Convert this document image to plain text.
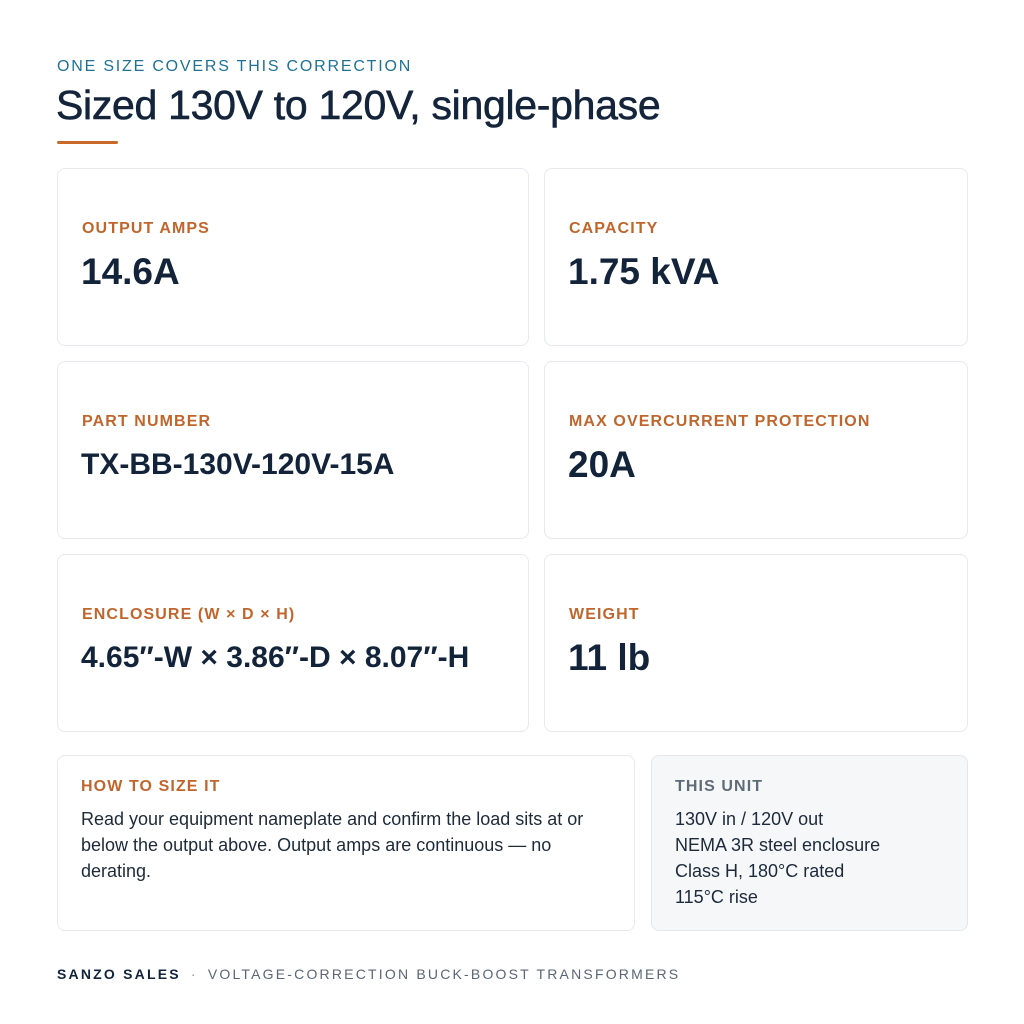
ONE SIZE COVERS THIS CORRECTION
Sized 130V to 120V, single-phase
OUTPUT AMPS
14.6A
CAPACITY
1.75 kVA
PART NUMBER
TX-BB-130V-120V-15A
MAX OVERCURRENT PROTECTION
20A
ENCLOSURE (W × D × H)
4.65″-W × 3.86″-D × 8.07″-H
WEIGHT
11 lb
HOW TO SIZE IT
Read your equipment nameplate and confirm the load sits at or below the output above. Output amps are continuous — no derating.
THIS UNIT
130V in / 120V out
NEMA 3R steel enclosure
Class H, 180°C rated
115°C rise
SANZO SALES · VOLTAGE-CORRECTION BUCK-BOOST TRANSFORMERS
